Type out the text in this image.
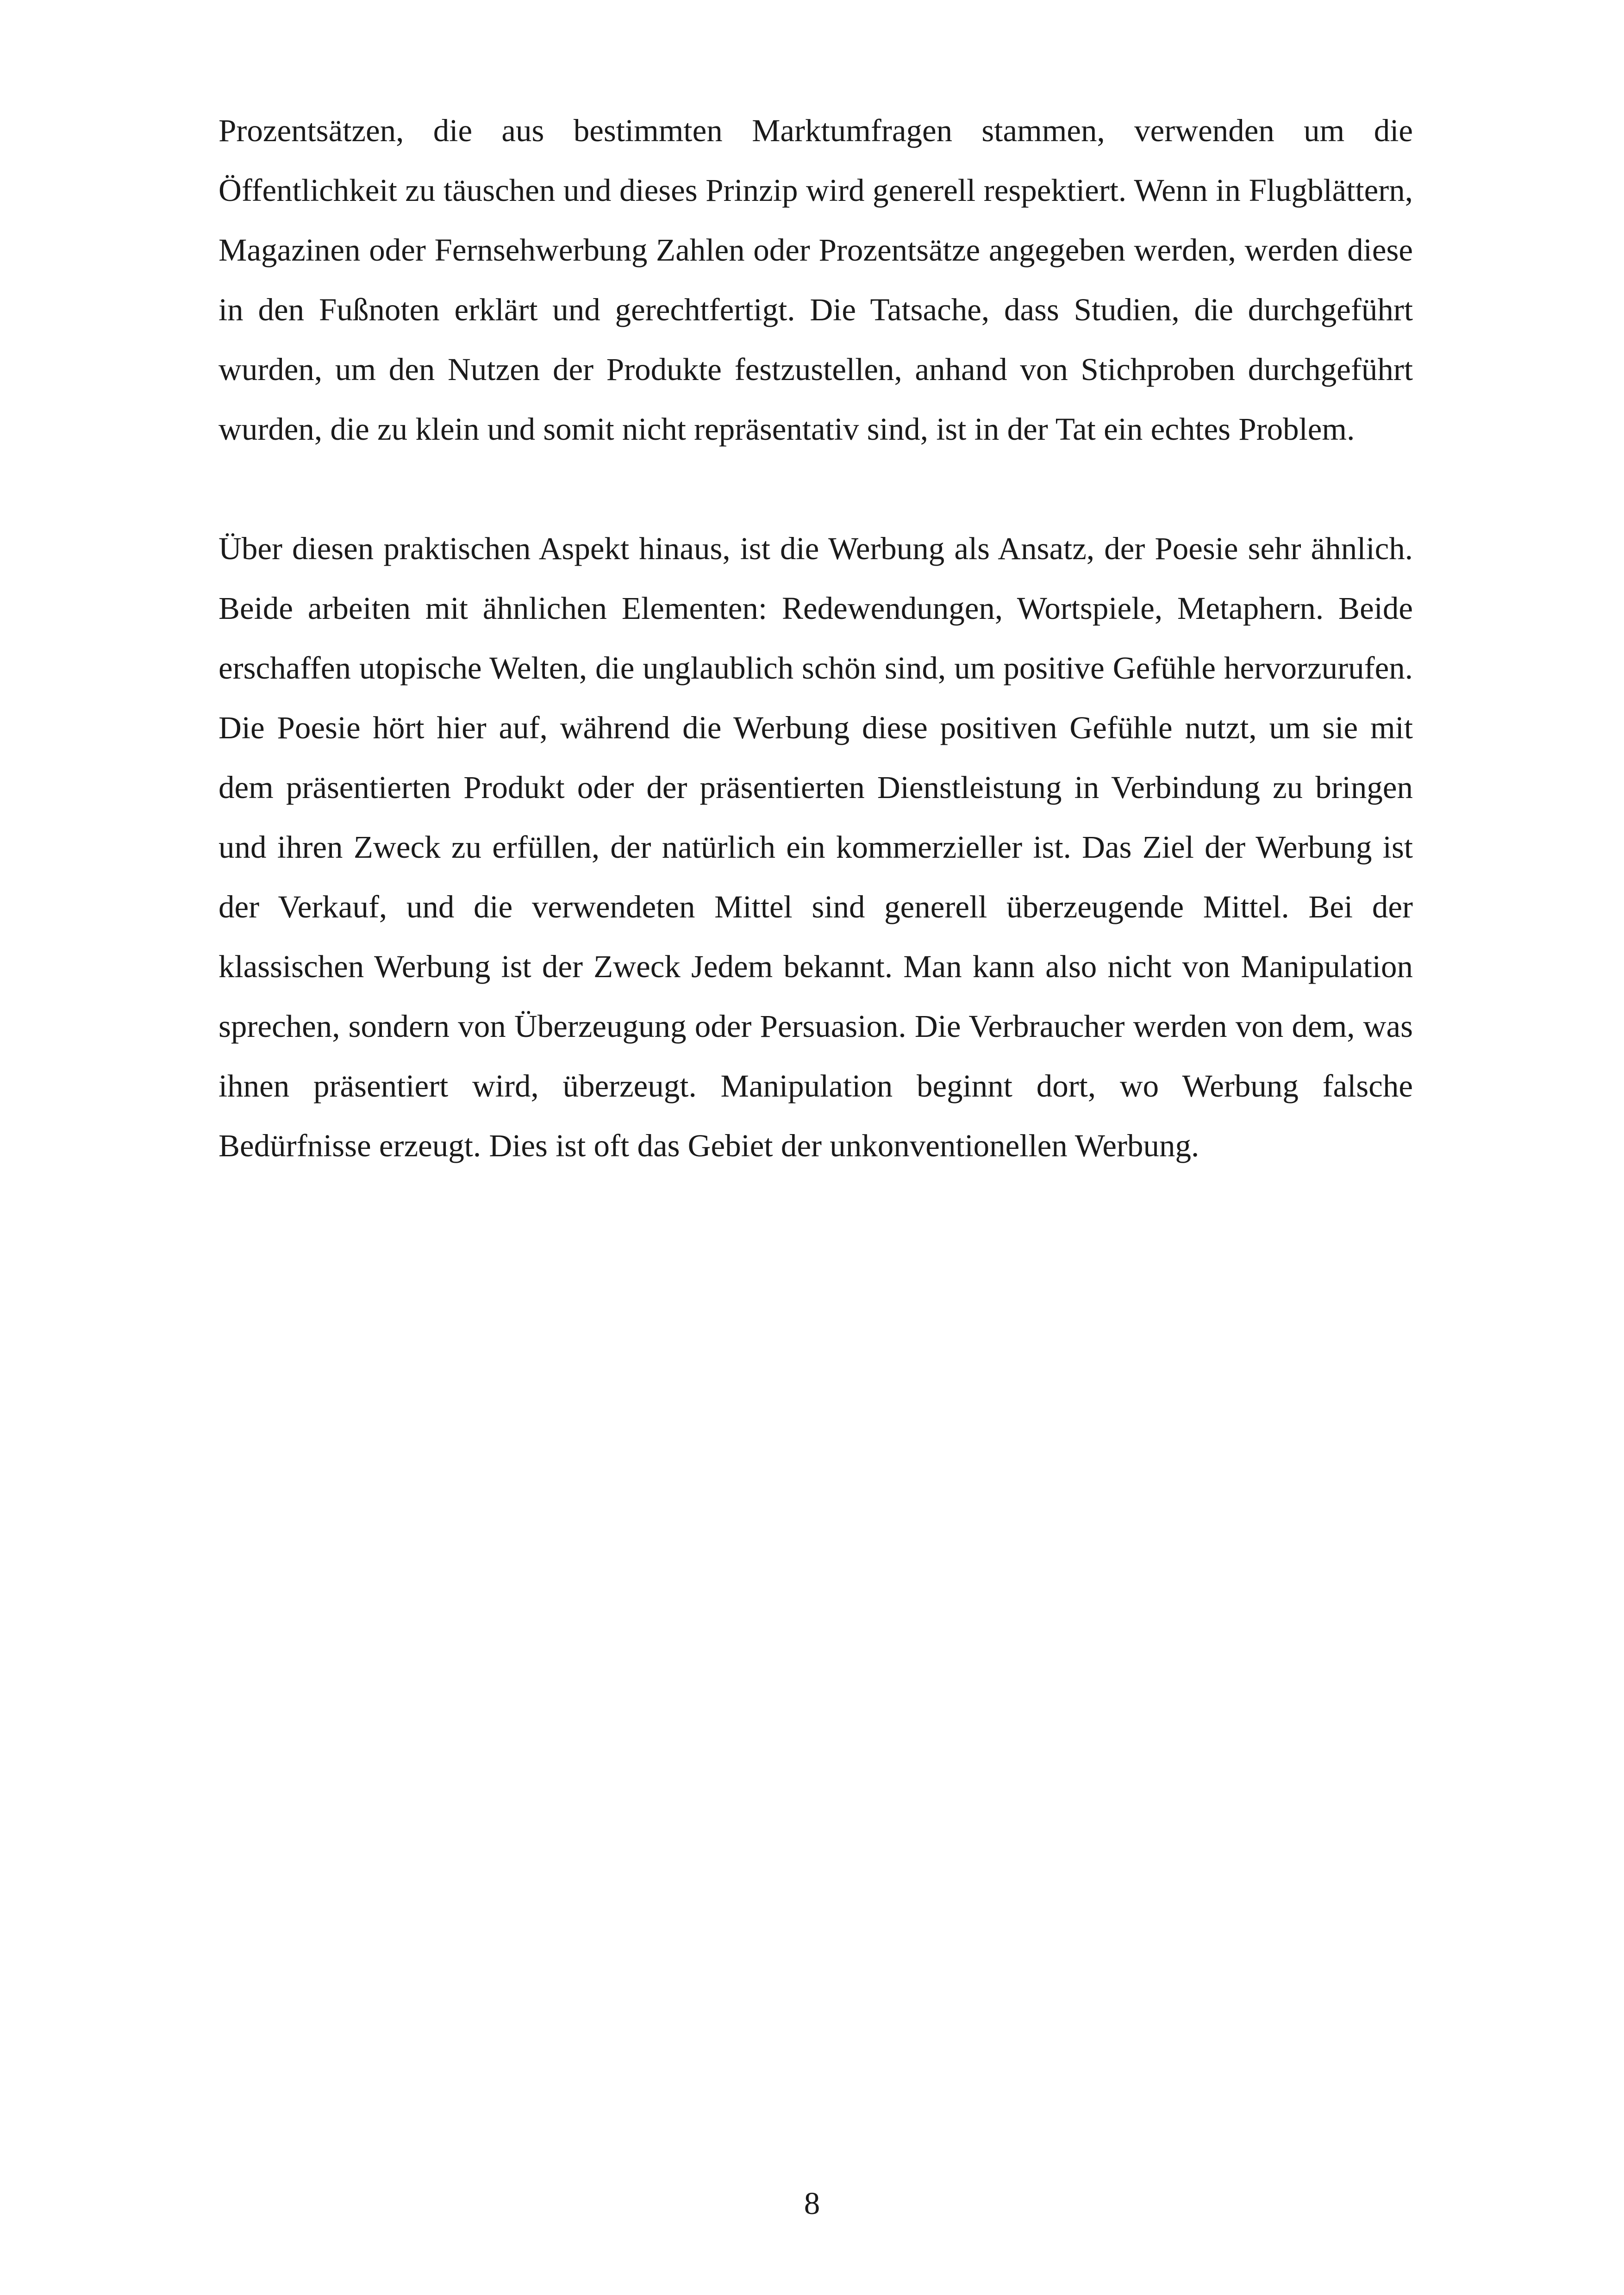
Prozentsätzen, die aus bestimmten Marktumfragen stammen, verwenden um die Öffentlichkeit zu täuschen und dieses Prinzip wird generell respektiert. Wenn in Flugblättern, Magazinen oder Fernsehwerbung Zahlen oder Prozentsätze angegeben werden, werden diese in den Fußnoten erklärt und gerechtfertigt. Die Tatsache, dass Studien, die durchgeführt wurden, um den Nutzen der Produkte festzustellen, anhand von Stichproben durchgeführt wurden, die zu klein und somit nicht repräsentativ sind, ist in der Tat ein echtes Problem.

Über diesen praktischen Aspekt hinaus, ist die Werbung als Ansatz, der Poesie sehr ähnlich. Beide arbeiten mit ähnlichen Elementen: Redewendungen, Wortspiele, Metaphern. Beide erschaffen utopische Welten, die unglaublich schön sind, um positive Gefühle hervorzurufen. Die Poesie hört hier auf, während die Werbung diese positiven Gefühle nutzt, um sie mit dem präsentierten Produkt oder der präsentierten Dienstleistung in Verbindung zu bringen und ihren Zweck zu erfüllen, der natürlich ein kommerzieller ist. Das Ziel der Werbung ist der Verkauf, und die verwendeten Mittel sind generell überzeugende Mittel. Bei der klassischen Werbung ist der Zweck Jedem bekannt. Man kann also nicht von Manipulation sprechen, sondern von Überzeugung oder Persuasion. Die Verbraucher werden von dem, was ihnen präsentiert wird, überzeugt. Manipulation beginnt dort, wo Werbung falsche Bedürfnisse erzeugt. Dies ist oft das Gebiet der unkonventionellen Werbung.

8
